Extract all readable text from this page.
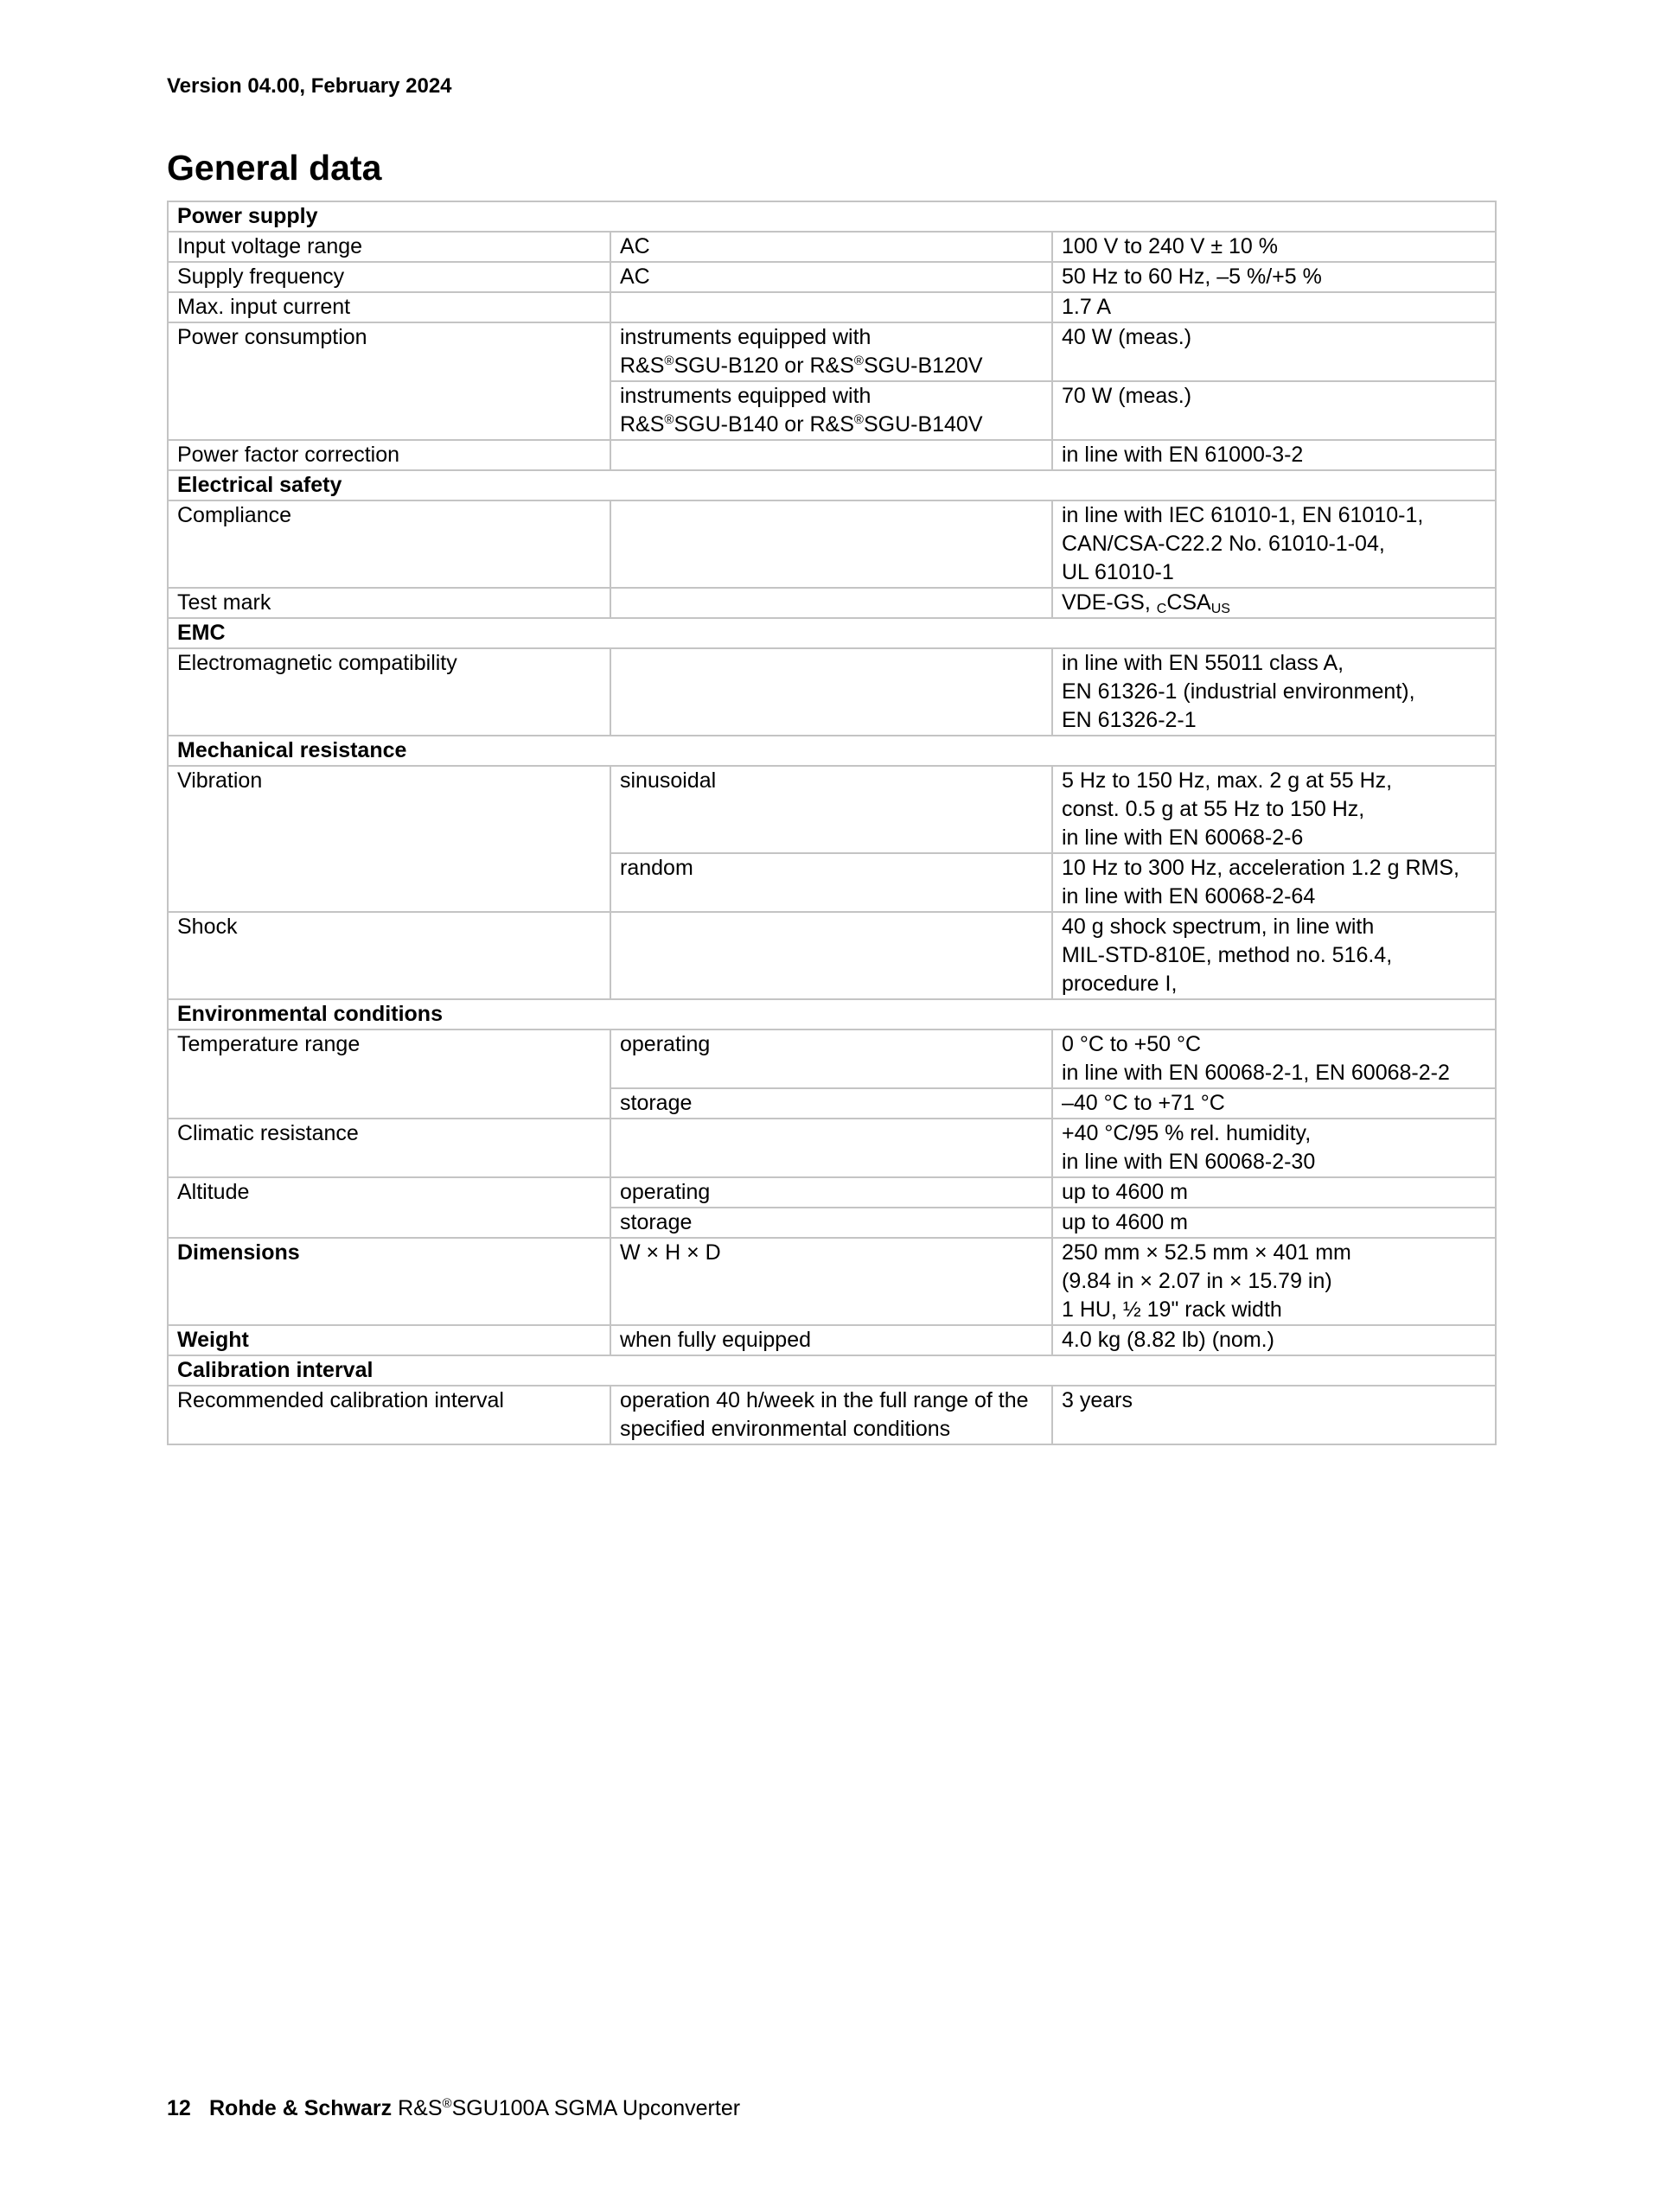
Version 04.00, February 2024
General data
Power supply		
Input voltage range	AC	100 V to 240 V ± 10 %
Supply frequency	AC	50 Hz to 60 Hz, –5 %/+5 %
Max. input current		1.7 A
Power consumption	instruments equipped with
R&S®SGU-B120 or R&S®SGU-B120V	40 W (meas.)

	instruments equipped with
R&S®SGU-B140 or R&S®SGU-B140V	70 W (meas.)
Power factor correction		in line with EN 61000-3-2
Electrical safety		
Compliance		in line with IEC 61010-1, EN 61010-1,
CAN/CSA-C22.2 No. 61010-1-04,
UL 61010-1

Test mark		VDE-GS, $_CCSA_{US}$
EMC		
Electromagnetic compatibility		in line with EN 55011 class A,
EN 61326-1 (industrial environment),
EN 61326-2-1

Mechanical resistance		
Vibration	sinusoidal	5 Hz to 150 Hz, max. 2 g at 55 Hz,
const. 0.5 g at 55 Hz to 150 Hz,
in line with EN 60068-2-6

	random	10 Hz to 300 Hz, acceleration 1.2 g RMS,
in line with EN 60068-2-64

Shock		40 g shock spectrum, in line with
MIL-STD-810E, method no. 516.4,
procedure I,

Environmental conditions		
Temperature range	operating	0 °C to +50 °C
in line with EN 60068-2-1, EN 60068-2-2

	storage	–40 °C to +71 °C
Climatic resistance		+40 °C/95 % rel. humidity,
in line with EN 60068-2-30

Altitude	operating	up to 4600 m
	storage	up to 4600 m
Dimensions	W × H × D	250 mm × 52.5 mm × 401 mm
(9.84 in × 2.07 in × 15.79 in)
1 HU, ½ 19" rack width

Weight	when fully equipped	4.0 kg (8.82 lb) (nom.)
Calibration interval		
Recommended calibration interval	operation 40 h/week in the full range of the
specified environmental conditions	3 years
12 Rohde & Schwarz R&S®SGU100A SGMA Upconverter
